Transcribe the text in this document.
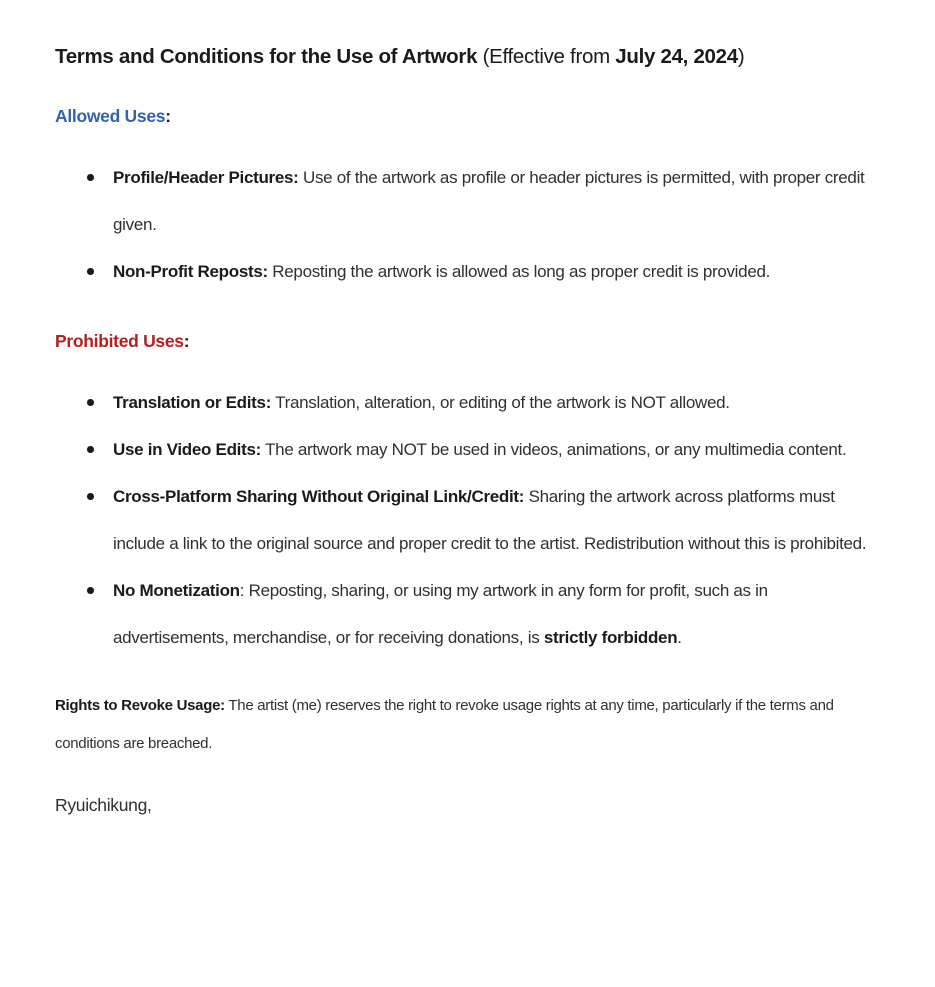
Terms and Conditions for the Use of Artwork (Effective from July 24, 2024)
Allowed Uses:
Profile/Header Pictures: Use of the artwork as profile or header pictures is permitted, with proper credit given.
Non-Profit Reposts: Reposting the artwork is allowed as long as proper credit is provided.
Prohibited Uses:
Translation or Edits: Translation, alteration, or editing of the artwork is NOT allowed.
Use in Video Edits: The artwork may NOT be used in videos, animations, or any multimedia content.
Cross-Platform Sharing Without Original Link/Credit: Sharing the artwork across platforms must include a link to the original source and proper credit to the artist. Redistribution without this is prohibited.
No Monetization: Reposting, sharing, or using my artwork in any form for profit, such as in advertisements, merchandise, or for receiving donations, is strictly forbidden.

Rights to Revoke Usage: The artist (me) reserves the right to revoke usage rights at any time, particularly if the terms and conditions are breached.

Ryuichikung,
